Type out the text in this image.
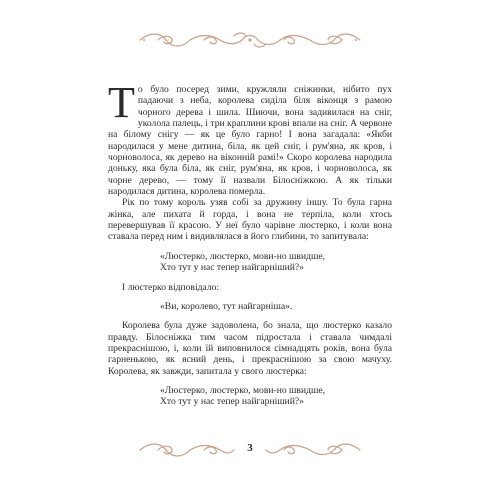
То було посеред зими, кружляли сніжинки, нібито пух падаючи з неба, королева сиділа біля віконця з рамою чорного дерева і шила. Шиючи, вона задивилася на сніг, уколола палець, і три краплини крові впали на сніг. А червоне на білому снігу — як це було гарно! І вона загадала: «Якби народилася у мене дитина, біла, як цей сніг, і рум'яна, як кров, і чорноволоса, як дерево на віконній рамі!» Скоро королева народила доньку, яка була біла, як сніг, рум'яна, як кров, і чорноволоса, як чорне дерево, — тому її назвали Білосніжкою. А як тільки народилася дитина, королева померла.

Рік по тому король узяв собі за дружину іншу. То була гарна жінка, але пихата й горда, і вона не терпіла, коли хтось перевершував її красою. У неї було чарівне люстерко, і коли вона ставала перед ним і видивлялася в його глибини, то запитувала:

«Люстерко, люстерко, мови-но швидше,
Хто тут у нас тепер найгарніший?»

І люстерко відповідало:

«Ви, королево, тут найгарніша».

Королева була дуже задоволена, бо знала, що люстерко казало правду. Білосніжка тим часом підростала і ставала чимдалі прекраснішою, і, коли їй виповнилося сімнадцять років, вона була гарненькою, як ясний день, і прекраснішою за свою мачуху. Королева, як завжди, запитала у свого люстерка:

«Люстерко, люстерко, мови-но швидше,
Хто тут у нас тепер найгарніший?»
3
